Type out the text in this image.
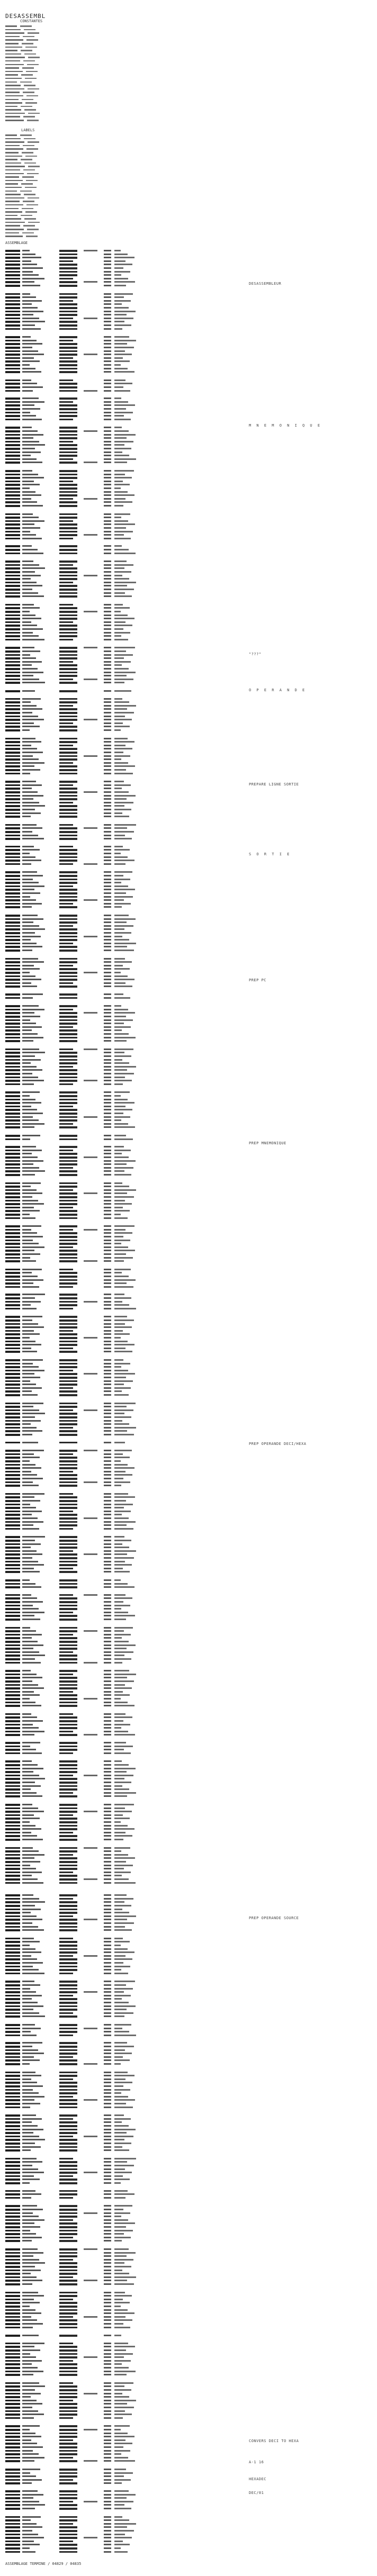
DESASSEMBL
CONSTANTES
LABELS
ASSEMBLAGE
DESASSEMBLEUR
M N E M O N I Q U E
"???"
O P E R A N D E
PREPARE LIGNE SORTIE
S O R T I E
PREP PC
PREP MNEMONIQUE
PREP OPERANDE DECI/HEXA
PREP OPERANDE SOURCE
CONVERS DECI TO HEXA
A-1 16
HEXADEC
DEC/01
ASSEMBLAGE TERMINE / 04829 / 04835
